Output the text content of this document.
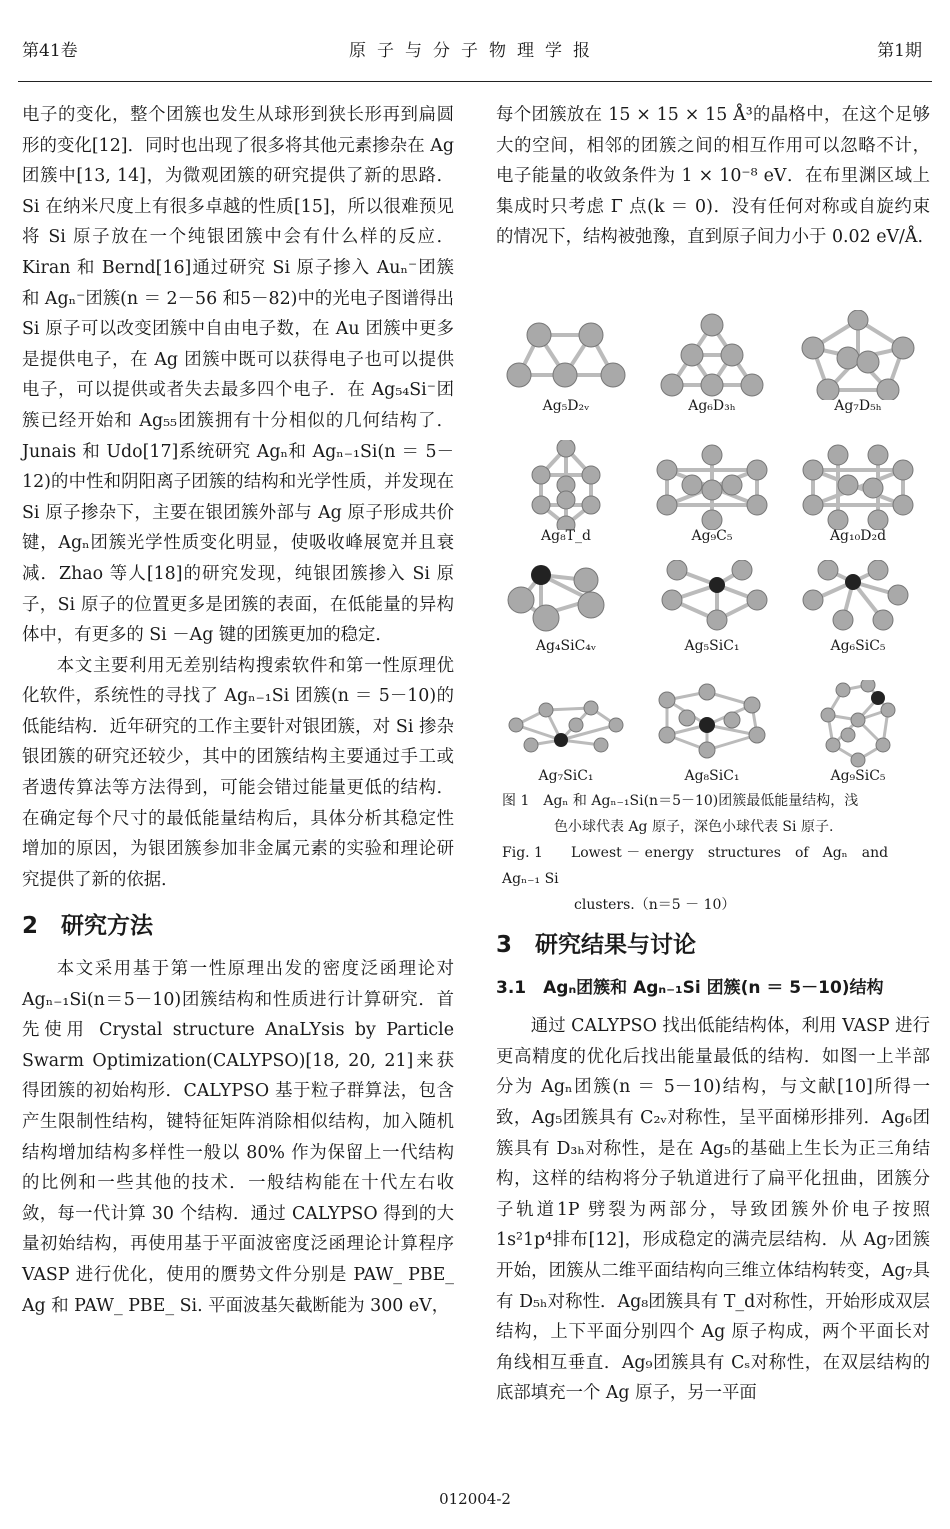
第41卷	原子与分子物理学报	第1期

电子的变化，整个团簇也发生从球形到狭长形再到扁圆形的变化[12]．同时也出现了很多将其他元素掺杂在 Ag 团簇中[13, 14]，为微观团簇的研究提供了新的思路．Si 在纳米尺度上有很多卓越的性质[15]，所以很难预见将 Si 原子放在一个纯银团簇中会有什么样的反应．Kiran 和 Bernd[16]通过研究 Si 原子掺入 Auₙ⁻团簇和 Agₙ⁻团簇(n ＝ 2－56 和5－82)中的光电子图谱得出 Si 原子可以改变团簇中自由电子数，在 Au 团簇中更多是提供电子，在 Ag 团簇中既可以获得电子也可以提供电子，可以提供或者失去最多四个电子．在 Ag₅₄Si⁻团簇已经开始和 Ag₅₅团簇拥有十分相似的几何结构了．Junais 和 Udo[17]系统研究 Agₙ和 Agₙ₋₁Si(n ＝ 5－12)的中性和阴阳离子团簇的结构和光学性质，并发现在 Si 原子掺杂下，主要在银团簇外部与 Ag 原子形成共价键，Agₙ团簇光学性质变化明显，使吸收峰展宽并且衰减．Zhao 等人[18]的研究发现，纯银团簇掺入 Si 原子，Si 原子的位置更多是团簇的表面，在低能量的异构体中，有更多的 Si －Ag 键的团簇更加的稳定．

本文主要利用无差别结构搜索软件和第一性原理优化软件，系统性的寻找了 Agₙ₋₁Si 团簇(n ＝ 5－10)的低能结构．近年研究的工作主要针对银团簇，对 Si 掺杂银团簇的研究还较少，其中的团簇结构主要通过手工或者遗传算法等方法得到，可能会错过能量更低的结构．在确定每个尺寸的最低能量结构后，具体分析其稳定性增加的原因，为银团簇参加非金属元素的实验和理论研究提供了新的依据．

2　研究方法

本文采用基于第一性原理出发的密度泛函理论对 Agₙ₋₁Si(n＝5－10)团簇结构和性质进行计算研究．首先使用 Crystal structure AnaLYsis by Particle Swarm Optimization(CALYPSO)[18, 20, 21]来获得团簇的初始构形．CALYPSO 基于粒子群算法，包含产生限制性结构，键特征矩阵消除相似结构，加入随机结构增加结构多样性一般以 80% 作为保留上一代结构的比例和一些其他的技术．一般结构能在十代左右收敛，每一代计算 30 个结构．通过 CALYPSO 得到的大量初始结构，再使用基于平面波密度泛函理论计算程序 VASP 进行优化，使用的赝势文件分别是 PAW_ PBE_ Ag 和 PAW_ PBE_ Si. 平面波基矢截断能为 300 eV，

每个团簇放在 15 × 15 × 15 Å³的晶格中，在这个足够大的空间，相邻的团簇之间的相互作用可以忽略不计，电子能量的收敛条件为 1 × 10⁻⁸ eV．在布里渊区域上集成时只考虑 Γ 点(k ＝ 0)．没有任何对称或自旋约束的情况下，结构被弛豫，直到原子间力小于 0.02 eV/Å.

Ag₅D₂ᵥ	Ag₆D₃ₕ	Ag₇D₅ₕ
Ag₈T_d	Ag₉C₅	Ag₁₀D₂d
Ag₄SiC₄ᵥ	Ag₅SiC₁	Ag₆SiC₅
Ag₇SiC₁	Ag₈SiC₁	Ag₉SiC₅
图 1　Agₙ 和 Agₙ₋₁Si(n＝5－10)团簇最低能量结构，浅
色小球代表 Ag 原子，深色小球代表 Si 原子.
Fig. 1　　Lowest － energy　structures　of　Agₙ　and　Agₙ₋₁ Si
clusters.（n＝5 － 10）
3　研究结果与讨论
3.1　Agₙ团簇和 Agₙ₋₁Si 团簇(n ＝ 5－10)结构

通过 CALYPSO 找出低能结构体，利用 VASP 进行更高精度的优化后找出能量最低的结构．如图一上半部分为 Agₙ团簇(n ＝ 5－10)结构，与文献[10]所得一致，Ag₅团簇具有 C₂ᵥ对称性，呈平面梯形排列．Ag₆团簇具有 D₃ₕ对称性，是在 Ag₅的基础上生长为正三角结构，这样的结构将分子轨道进行了扁平化扭曲，团簇分子轨道1P 劈裂为两部分，导致团簇外价电子按照 1s²1p⁴排布[12]，形成稳定的满壳层结构．从 Ag₇团簇开始，团簇从二维平面结构向三维立体结构转变，Ag₇具有 D₅ₕ对称性．Ag₈团簇具有 T_d对称性，开始形成双层结构，上下平面分别四个 Ag 原子构成，两个平面长对角线相互垂直．Ag₉团簇具有 Cₛ对称性，在双层结构的底部填充一个 Ag 原子，另一平面

012004-2
